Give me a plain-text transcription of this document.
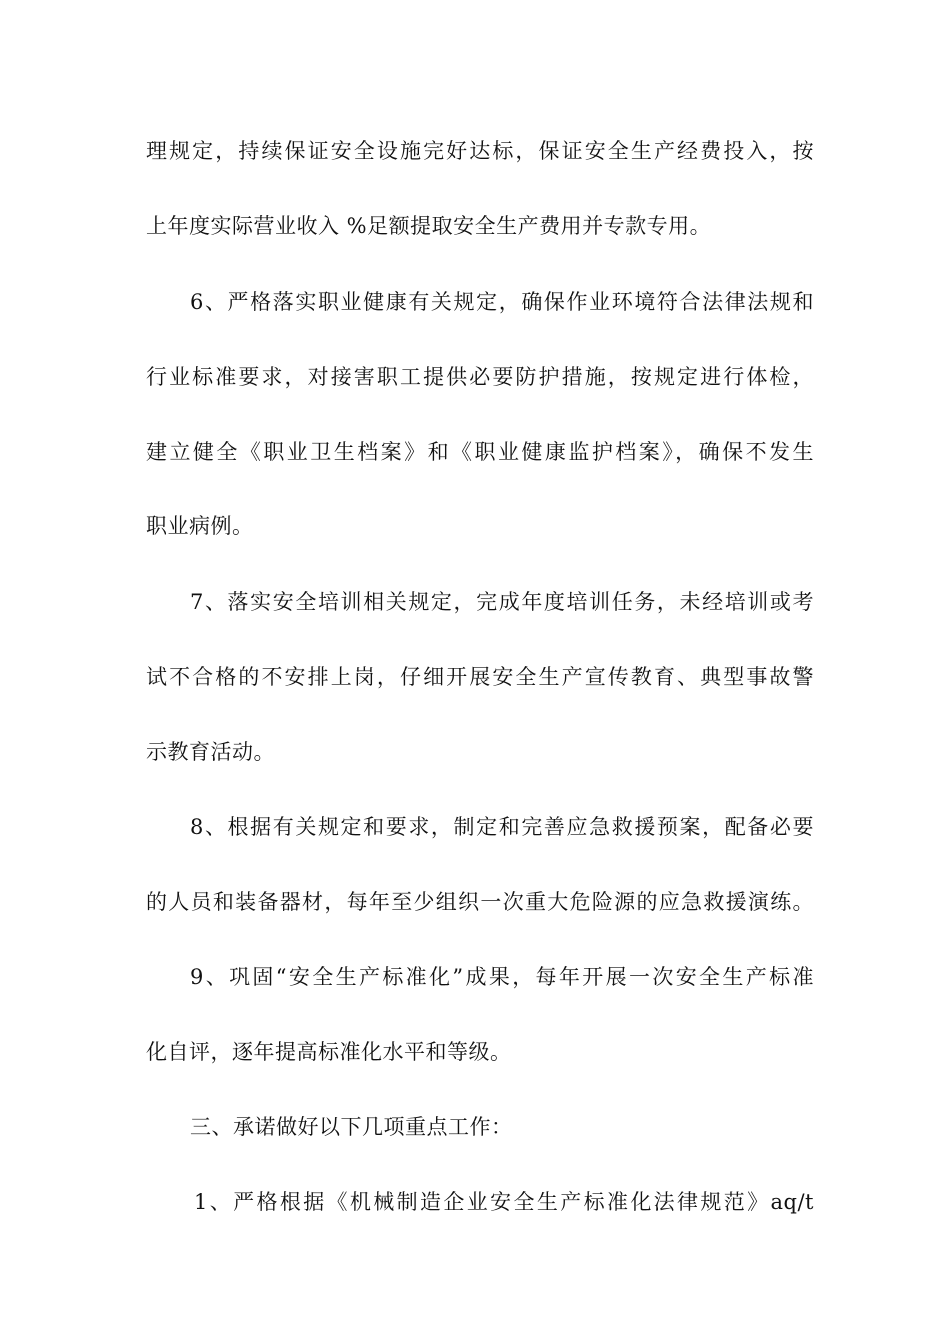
理规定，持续保证安全设施完好达标，保证安全生产经费投入，按
上年度实际营业收入 %足额提取安全生产费用并专款专用。
6、严格落实职业健康有关规定，确保作业环境符合法律法规和
行业标准要求，对接害职工提供必要防护措施，按规定进行体检，
建立健全《职业卫生档案》和《职业健康监护档案》，确保不发生
职业病例。
7、落实安全培训相关规定，完成年度培训任务，未经培训或考
试不合格的不安排上岗，仔细开展安全生产宣传教育、典型事故警
示教育活动。
8、根据有关规定和要求，制定和完善应急救援预案，配备必要
的人员和装备器材，每年至少组织一次重大危险源的应急救援演练。
9、巩固“安全生产标准化”成果，每年开展一次安全生产标准
化自评，逐年提高标准化水平和等级。
三、承诺做好以下几项重点工作：
1、严格根据《机械制造企业安全生产标准化法律规范》aq/t
